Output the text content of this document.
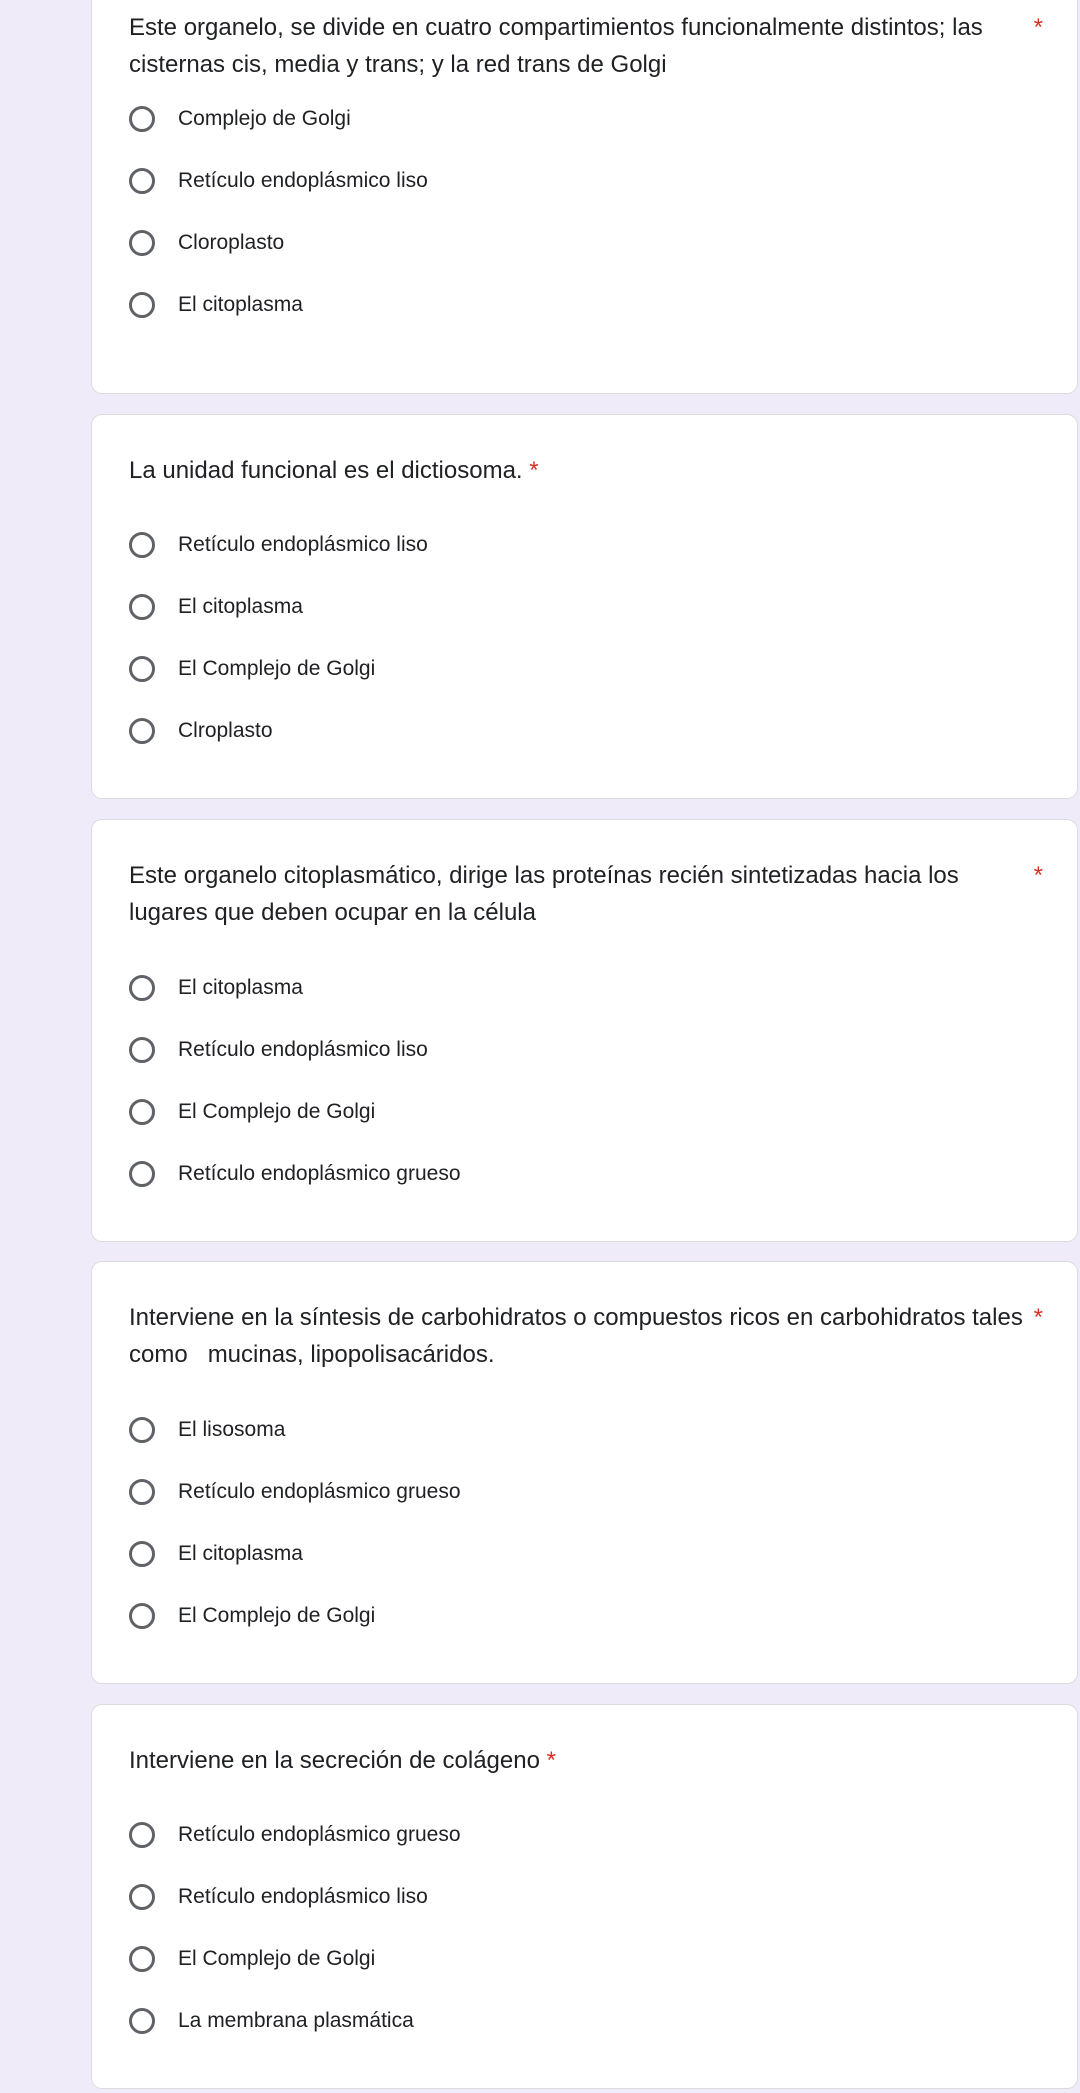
Este organelo, se divide en cuatro compartimientos funcionalmente distintos; las cisternas cis, media y trans; y la red trans de Golgi
*
Complejo de Golgi
Retículo endoplásmico liso
Cloroplasto
El citoplasma
La unidad funcional es el dictiosoma. *
Retículo endoplásmico liso
El citoplasma
El Complejo de Golgi
Clroplasto
Este organelo citoplasmático, dirige las proteínas recién sintetizadas hacia los lugares que deben ocupar en la célula
*
El citoplasma
Retículo endoplásmico liso
El Complejo de Golgi
Retículo endoplásmico grueso
Interviene en la síntesis de carbohidratos o compuestos ricos en carbohidratos tales como   mucinas, lipopolisacáridos.
*
El lisosoma
Retículo endoplásmico grueso
El citoplasma
El Complejo de Golgi
Interviene en la secreción de colágeno *
Retículo endoplásmico grueso
Retículo endoplásmico liso
El Complejo de Golgi
La membrana plasmática
